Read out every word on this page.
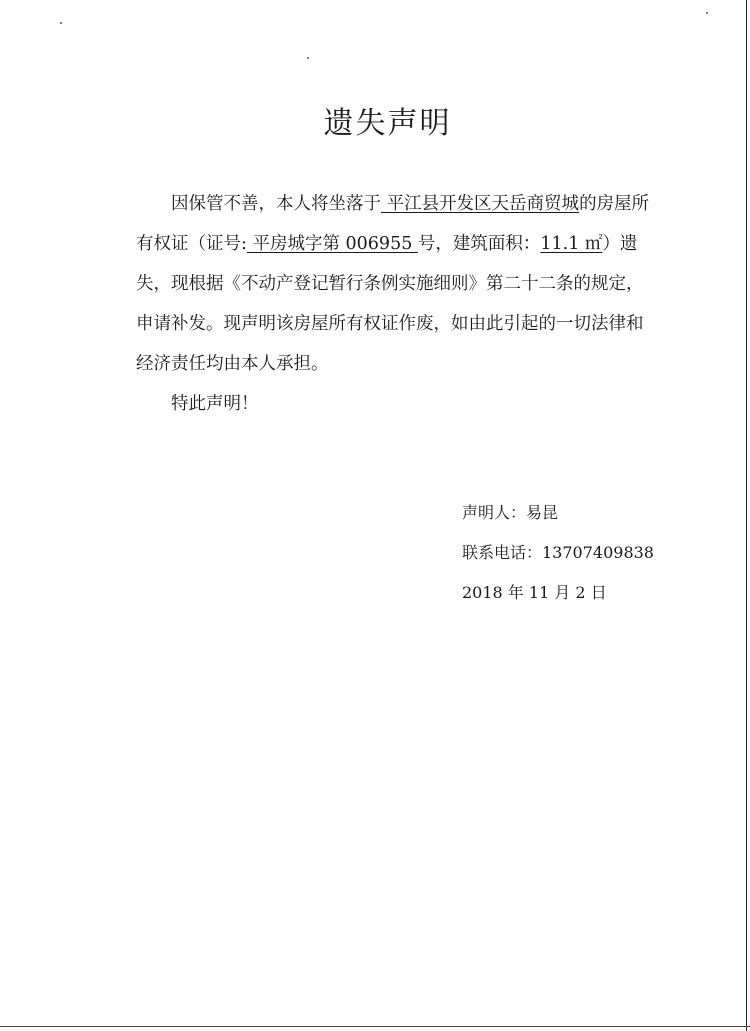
遗失声明

因保管不善，本人将坐落于 平江县开发区天岳商贸城的房屋所有权证（证号: 平房城字第 006955 号，建筑面积：11.1 ㎡）遗失，现根据《不动产登记暂行条例实施细则》第二十二条的规定，申请补发。现声明该房屋所有权证作废，如由此引起的一切法律和经济责任均由本人承担。

特此声明！

声明人：易昆
联系电话：13707409838
2018 年 11 月 2 日
